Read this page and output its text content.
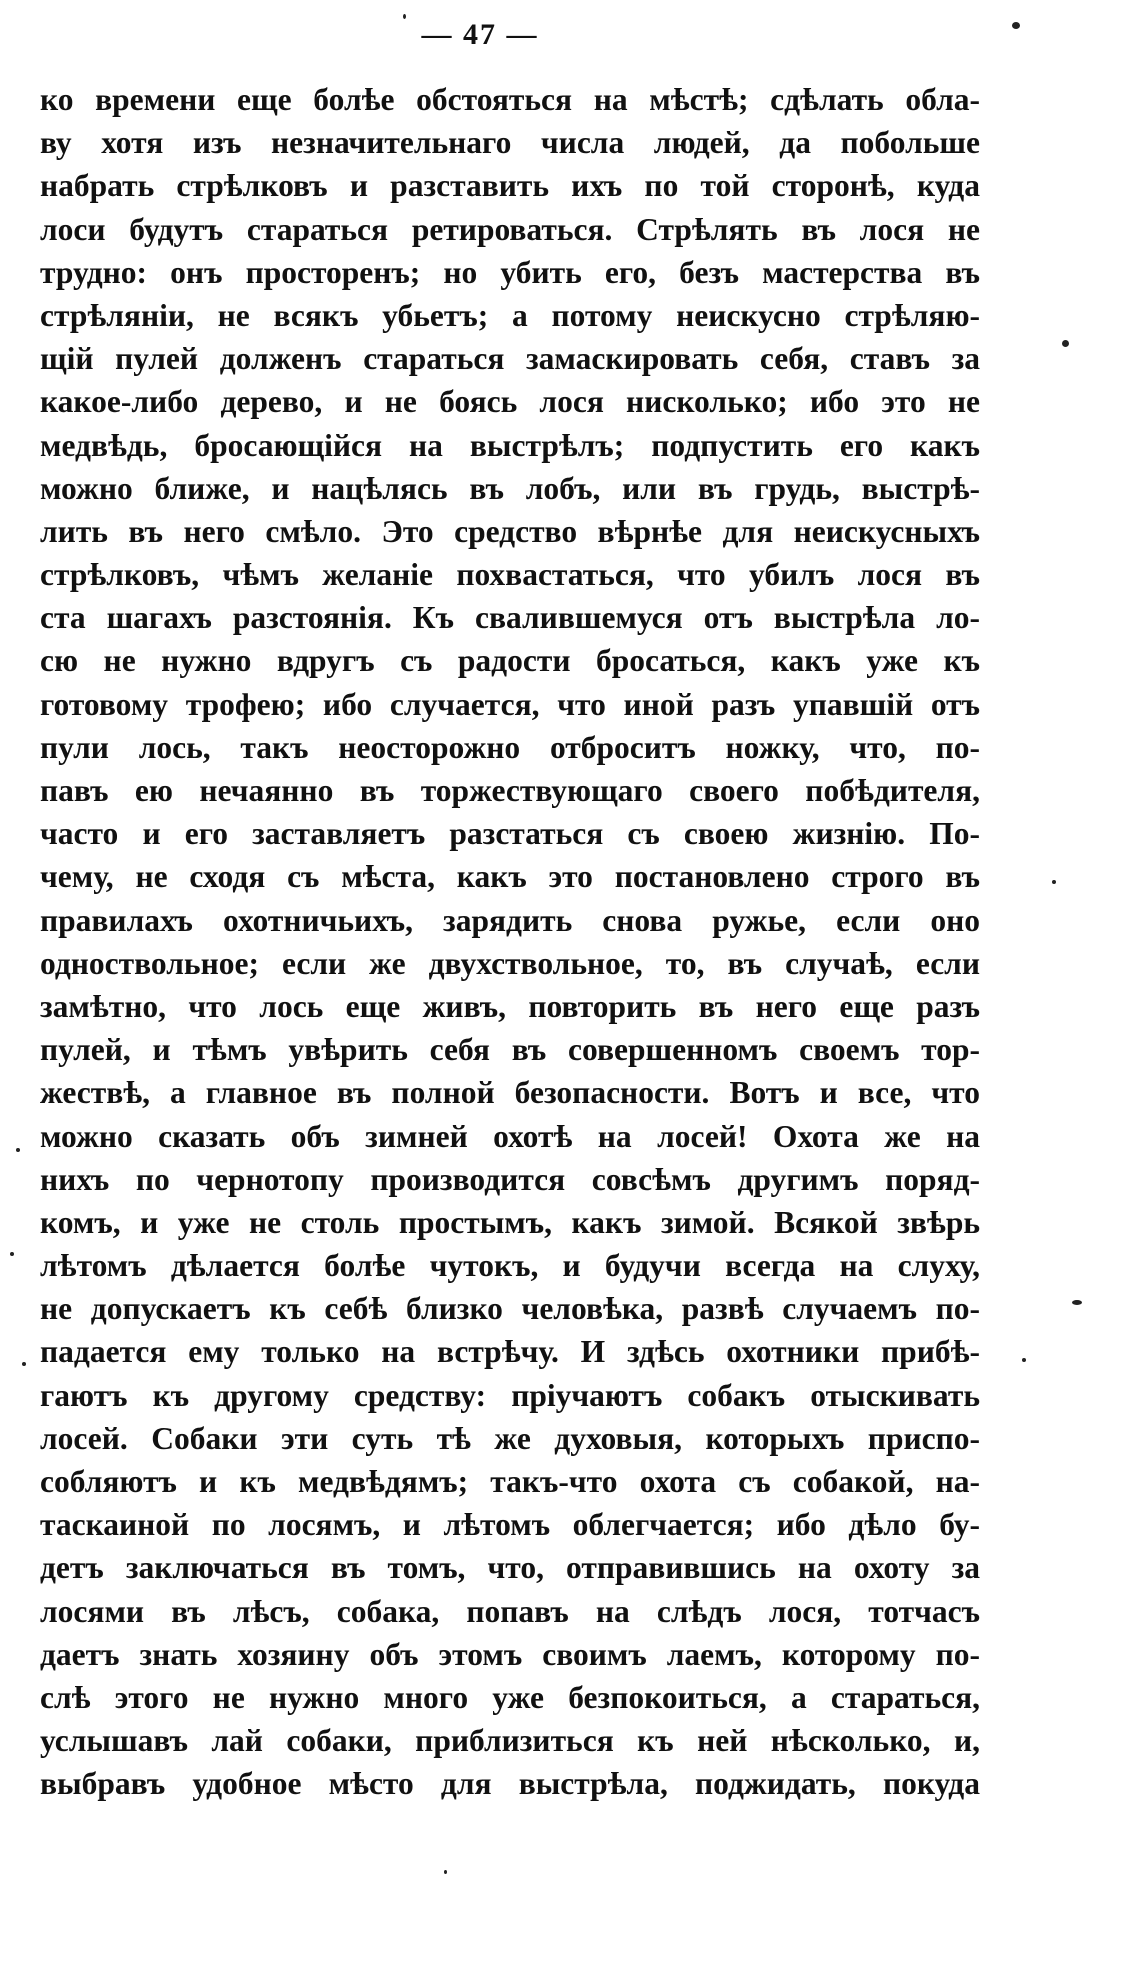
— 47 —
ко времени еще болѣе обстояться на мѣстѣ; сдѣлать обла-
ву хотя изъ незначительнаго числа людей, да побольше
набрать стрѣлковъ и разставить ихъ по той сторонѣ, куда
лоси будутъ стараться ретироваться. Стрѣлять въ лося не
трудно: онъ просторенъ; но убить его, безъ мастерства въ
стрѣлянiи, не всякъ убьетъ; а потому неискусно стрѣляю-
щiй пулей долженъ стараться замаскировать себя, ставъ за
какое-либо дерево, и не боясь лося нисколько; ибо это не
медвѣдь, бросающiйся на выстрѣлъ; подпустить его какъ
можно ближе, и нацѣлясь въ лобъ, или въ грудь, выстрѣ-
лить въ него смѣло. Это средство вѣрнѣе для неискусныхъ
стрѣлковъ, чѣмъ желанiе похвастаться, что убилъ лося въ
ста шагахъ разстоянiя. Къ свалившемуся отъ выстрѣла ло-
сю не нужно вдругъ съ радости бросаться, какъ уже къ
готовому трофею; ибо случается, что иной разъ упавшiй отъ
пули лось, такъ неосторожно отброситъ ножку, что, по-
павъ ею нечаянно въ торжествующаго своего побѣдителя,
часто и его заставляетъ разстаться съ своею жизнiю. По-
чему, не сходя съ мѣста, какъ это постановлено строго въ
правилахъ охотничьихъ, зарядить снова ружье, если оно
одноствольное; если же двухствольное, то, въ случаѣ, если
замѣтно, что лось еще живъ, повторить въ него еще разъ
пулей, и тѣмъ увѣрить себя въ совершенномъ своемъ тор-
жествѣ, а главное въ полной безопасности. Вотъ и все, что
можно сказать объ зимней охотѣ на лосей! Охота же на
нихъ по чернотопу производится совсѣмъ другимъ поряд-
комъ, и уже не столь простымъ, какъ зимой. Всякой звѣрь
лѣтомъ дѣлается болѣе чутокъ, и будучи всегда на слуху,
не допускаетъ къ себѣ близко человѣка, развѣ случаемъ по-
падается ему только на встрѣчу. И здѣсь охотники прибѣ-
гаютъ къ другому средству: прiучаютъ собакъ отыскивать
лосей. Собаки эти суть тѣ же духовыя, которыхъ приспо-
собляютъ и къ медвѣдямъ; такъ-что охота съ собакой, на-
таскаиной по лосямъ, и лѣтомъ облегчается; ибо дѣло бу-
детъ заключаться въ томъ, что, отправившись на охоту за
лосями въ лѣсъ, собака, попавъ на слѣдъ лося, тотчасъ
даетъ знать хозяину объ этомъ своимъ лаемъ, которому по-
слѣ этого не нужно много уже безпокоиться, а стараться,
услышавъ лай собаки, приблизиться къ ней нѣсколько, и,
выбравъ удобное мѣсто для выстрѣла, поджидать, покуда
